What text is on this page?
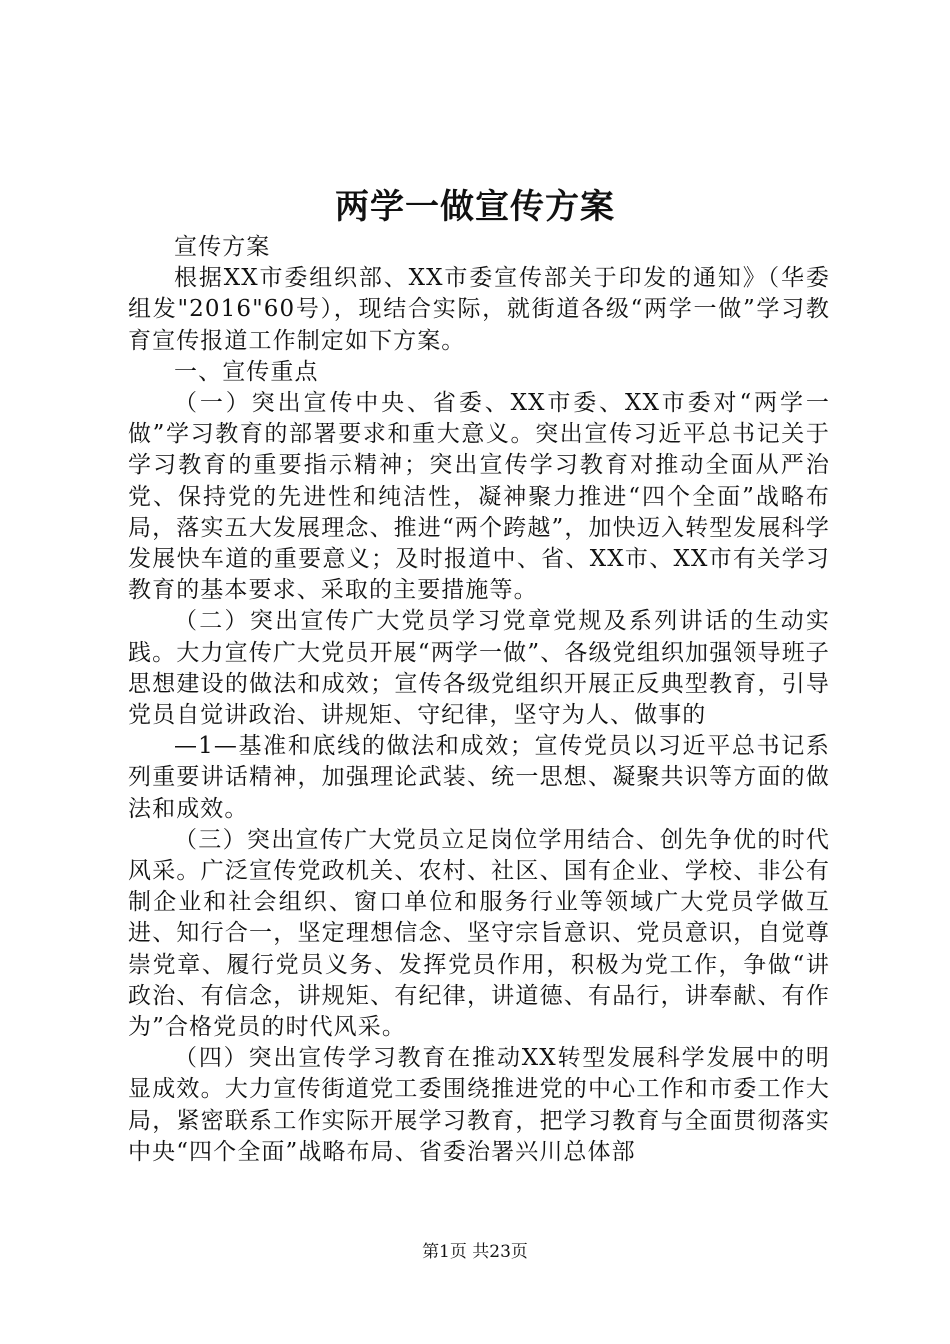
两学一做宣传方案

宣传方案

根据XX市委组织部、XX市委宣传部关于印发的通知》（华委组发"2016"60号），现结合实际，就街道各级“两学一做”学习教育宣传报道工作制定如下方案。

一、宣传重点

（一）突出宣传中央、省委、XX市委、XX市委对“两学一做”学习教育的部署要求和重大意义。突出宣传习近平总书记关于学习教育的重要指示精神；突出宣传学习教育对推动全面从严治党、保持党的先进性和纯洁性，凝神聚力推进“四个全面”战略布局，落实五大发展理念、推进“两个跨越”，加快迈入转型发展科学发展快车道的重要意义；及时报道中、省、XX市、XX市有关学习教育的基本要求、采取的主要措施等。

（二）突出宣传广大党员学习党章党规及系列讲话的生动实践。大力宣传广大党员开展“两学一做”、各级党组织加强领导班子思想建设的做法和成效；宣传各级党组织开展正反典型教育，引导党员自觉讲政治、讲规矩、守纪律，坚守为人、做事的

—1—基准和底线的做法和成效；宣传党员以习近平总书记系列重要讲话精神，加强理论武装、统一思想、凝聚共识等方面的做法和成效。

（三）突出宣传广大党员立足岗位学用结合、创先争优的时代风采。广泛宣传党政机关、农村、社区、国有企业、学校、非公有制企业和社会组织、窗口单位和服务行业等领域广大党员学做互进、知行合一，坚定理想信念、坚守宗旨意识、党员意识，自觉尊崇党章、履行党员义务、发挥党员作用，积极为党工作，争做“讲政治、有信念，讲规矩、有纪律，讲道德、有品行，讲奉献、有作为”合格党员的时代风采。

（四）突出宣传学习教育在推动XX转型发展科学发展中的明显成效。大力宣传街道党工委围绕推进党的中心工作和市委工作大局，紧密联系工作实际开展学习教育，把学习教育与全面贯彻落实中央“四个全面”战略布局、省委治署兴川总体部

第1页 共23页
